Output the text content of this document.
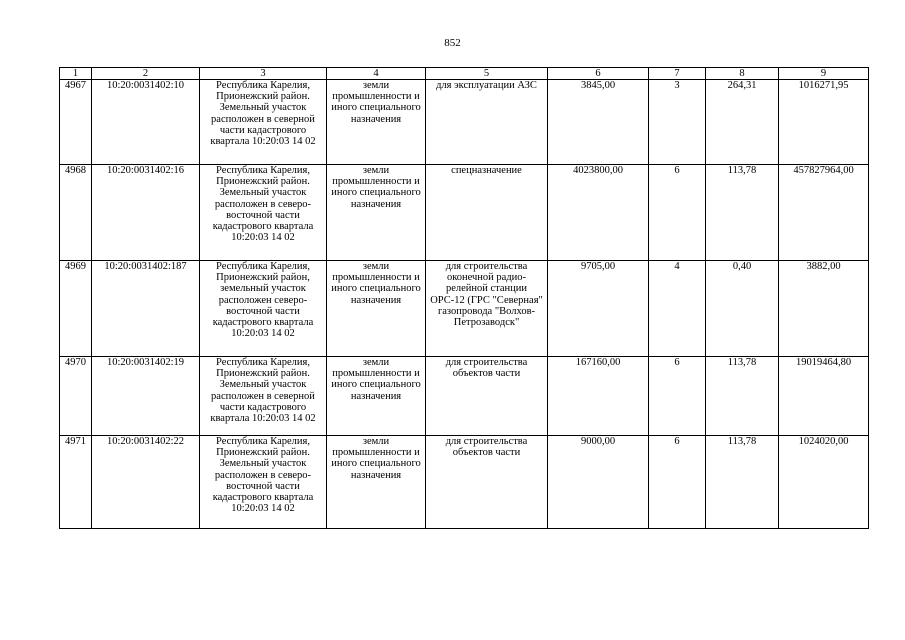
852
1	2	3	4	5	6	7	8	9
4967	10:20:0031402:10	Республика Карелия, Прионежский район. Земельный участок расположен в северной части кадастрового квартала 10:20:03 14 02	земли промышленности и иного специального назначения	для эксплуатации АЗС	3845,00	3	264,31	1016271,95
4968	10:20:0031402:16	Республика Карелия, Прионежский район. Земельный участок расположен в северо-восточной части кадастрового квартала 10:20:03 14 02	земли промышленности и иного специального назначения	спецназначение	4023800,00	6	113,78	457827964,00
4969	10:20:0031402:187	Республика Карелия, Прионежский район, земельный участок расположен северо-восточной части кадастрового квартала 10:20:03 14 02	земли промышленности и иного специального назначения	для строительства оконечной радио-релейной станции ОРС-12 (ГРС "Северная" газопровода "Волхов-Петрозаводск"	9705,00	4	0,40	3882,00
4970	10:20:0031402:19	Республика Карелия, Прионежский район. Земельный участок расположен в северной части кадастрового квартала 10:20:03 14 02	земли промышленности и иного специального назначения	для строительства объектов части	167160,00	6	113,78	19019464,80
4971	10:20:0031402:22	Республика Карелия, Прионежский район. Земельный участок расположен в северо-восточной части кадастрового квартала 10:20:03 14 02	земли промышленности и иного специального назначения	для строительства объектов части	9000,00	6	113,78	1024020,00
